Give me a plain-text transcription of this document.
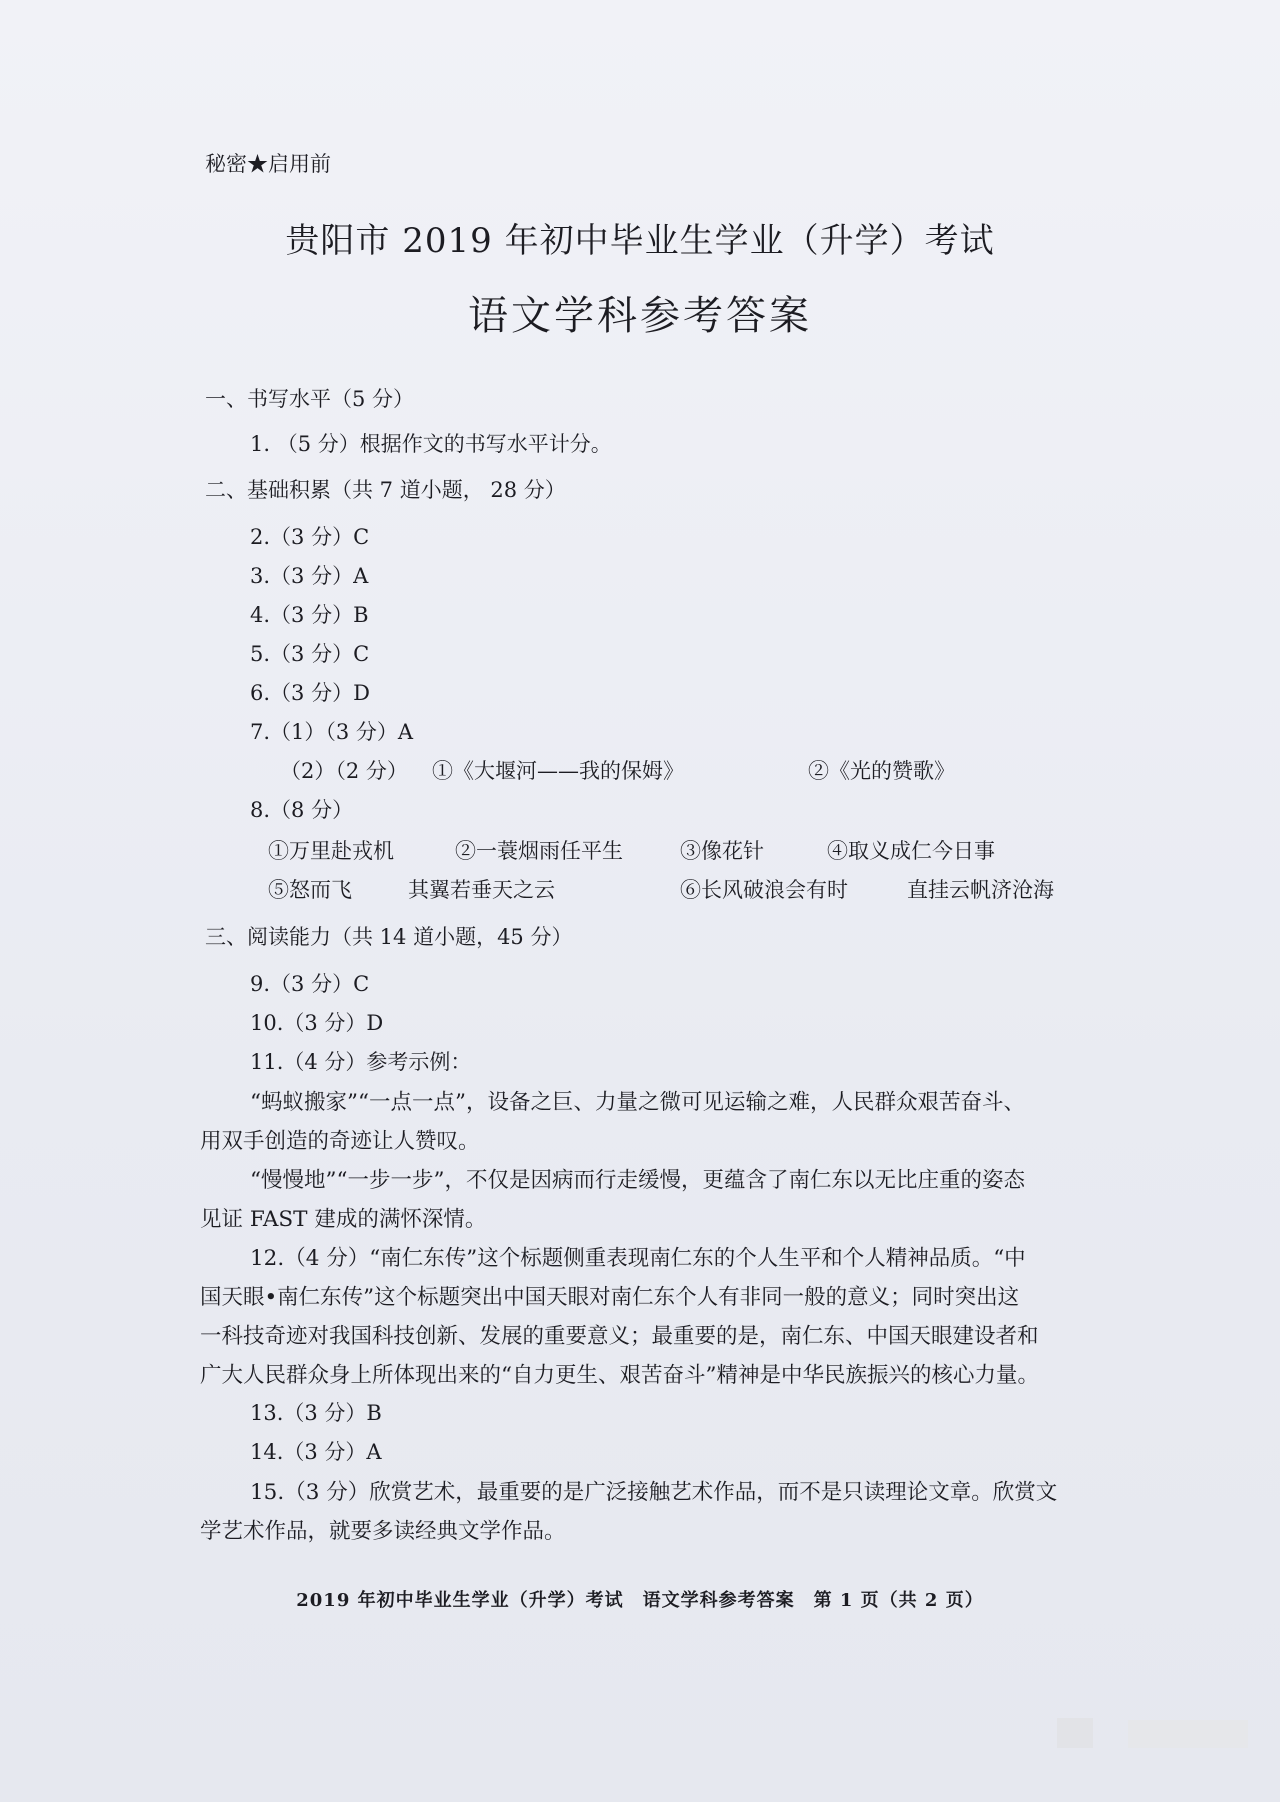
秘密★启用前
贵阳市 2019 年初中毕业生学业（升学）考试
语文学科参考答案
一、书写水平（5 分）
1. （5 分）根据作文的书写水平计分。
二、基础积累（共 7 道小题， 28 分）
2.（3 分）C
3.（3 分）A
4.（3 分）B
5.（3 分）C
6.（3 分）D
7.（1）（3 分）A
（2）（2 分） ①《大堰河——我的保姆》	②《光的赞歌》
8.（8 分）
①万里赴戎机	②一蓑烟雨任平生	③像花针	④取义成仁今日事
⑤怒而飞	其翼若垂天之云	⑥长风破浪会有时	直挂云帆济沧海
三、阅读能力（共 14 道小题，45 分）
9.（3 分）C
10.（3 分）D
11.（4 分）参考示例：
“蚂蚁搬家”“一点一点”，设备之巨、力量之微可见运输之难，人民群众艰苦奋斗、
用双手创造的奇迹让人赞叹。
“慢慢地”“一步一步”，不仅是因病而行走缓慢，更蕴含了南仁东以无比庄重的姿态
见证 FAST 建成的满怀深情。
12.（4 分）“南仁东传”这个标题侧重表现南仁东的个人生平和个人精神品质。“中
国天眼•南仁东传”这个标题突出中国天眼对南仁东个人有非同一般的意义；同时突出这
一科技奇迹对我国科技创新、发展的重要意义；最重要的是，南仁东、中国天眼建设者和
广大人民群众身上所体现出来的“自力更生、艰苦奋斗”精神是中华民族振兴的核心力量。
13.（3 分）B
14.（3 分）A
15.（3 分）欣赏艺术，最重要的是广泛接触艺术作品，而不是只读理论文章。欣赏文
学艺术作品，就要多读经典文学作品。
2019 年初中毕业生学业（升学）考试　语文学科参考答案　第 1 页（共 2 页）
